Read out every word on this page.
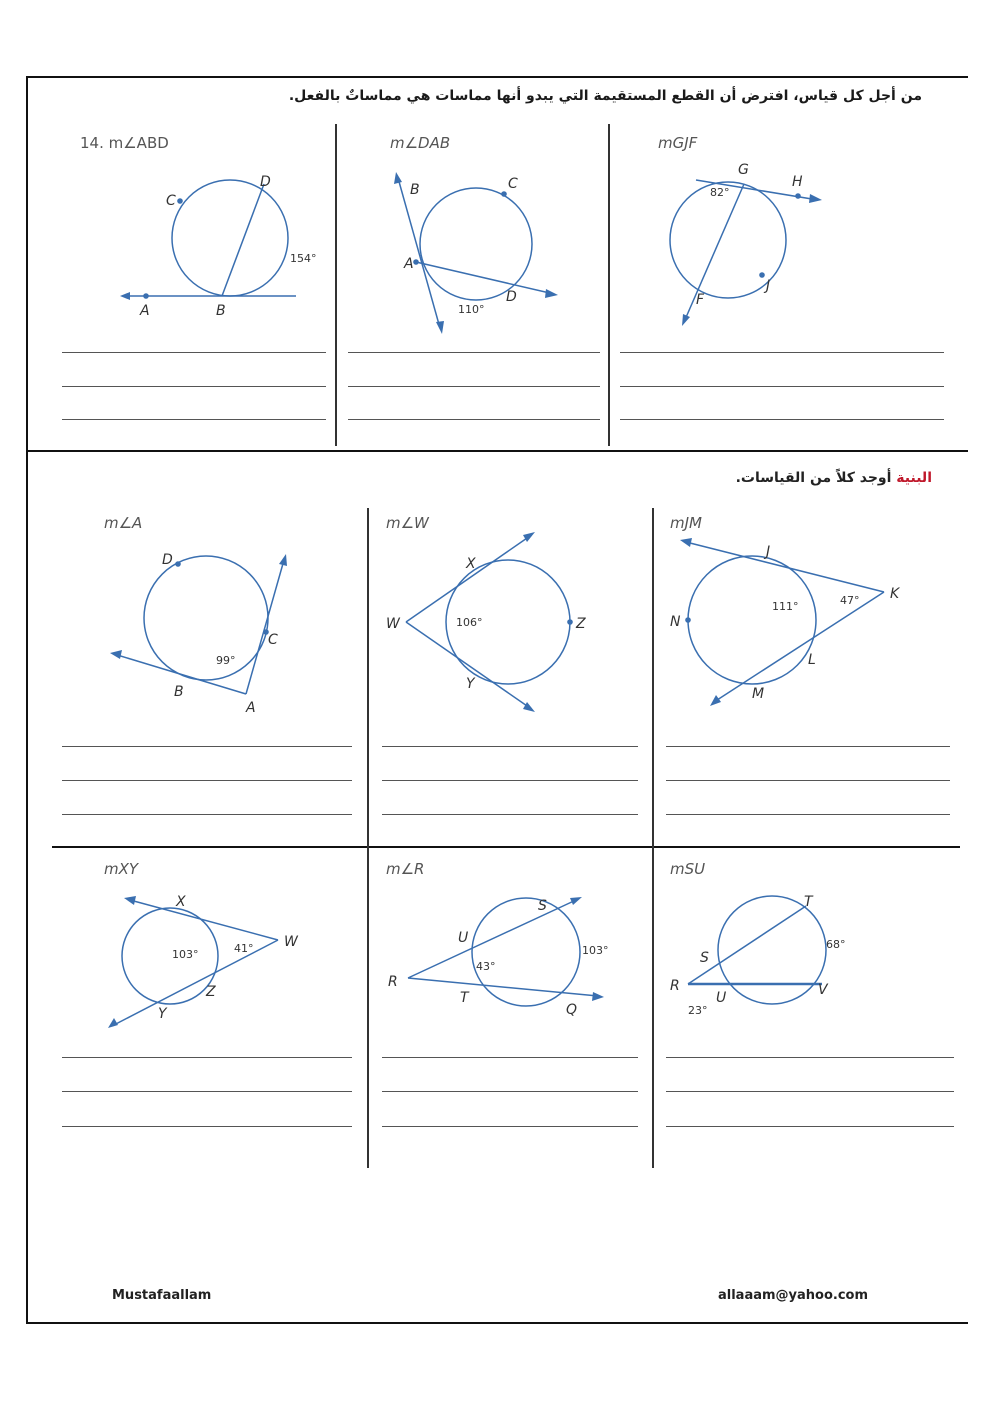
من أجل كل قياس، افترض أن القطع المستقيمة التي يبدو أنها مماسات هي مماساتٌ بالفعل.
14. m∠ABD	m∠DAB	mGJF
C
D
A	B
154°
B	C
A
D
110°
G
H
F
J
82°
البنية أوجد كلاً من القياسات.
m∠A	m∠W	mJM
D
C
B
A
99°
X
W	Z
Y
106°
J
K
N
L
M
111°	47°
mXY	m∠R	mSU
X
W
Z
Y
103°	41°
S
U
R
T
Q
43°
103°
T
S
R
U	V
68°
23°
Mustafaallam	allaaam@yahoo.com
